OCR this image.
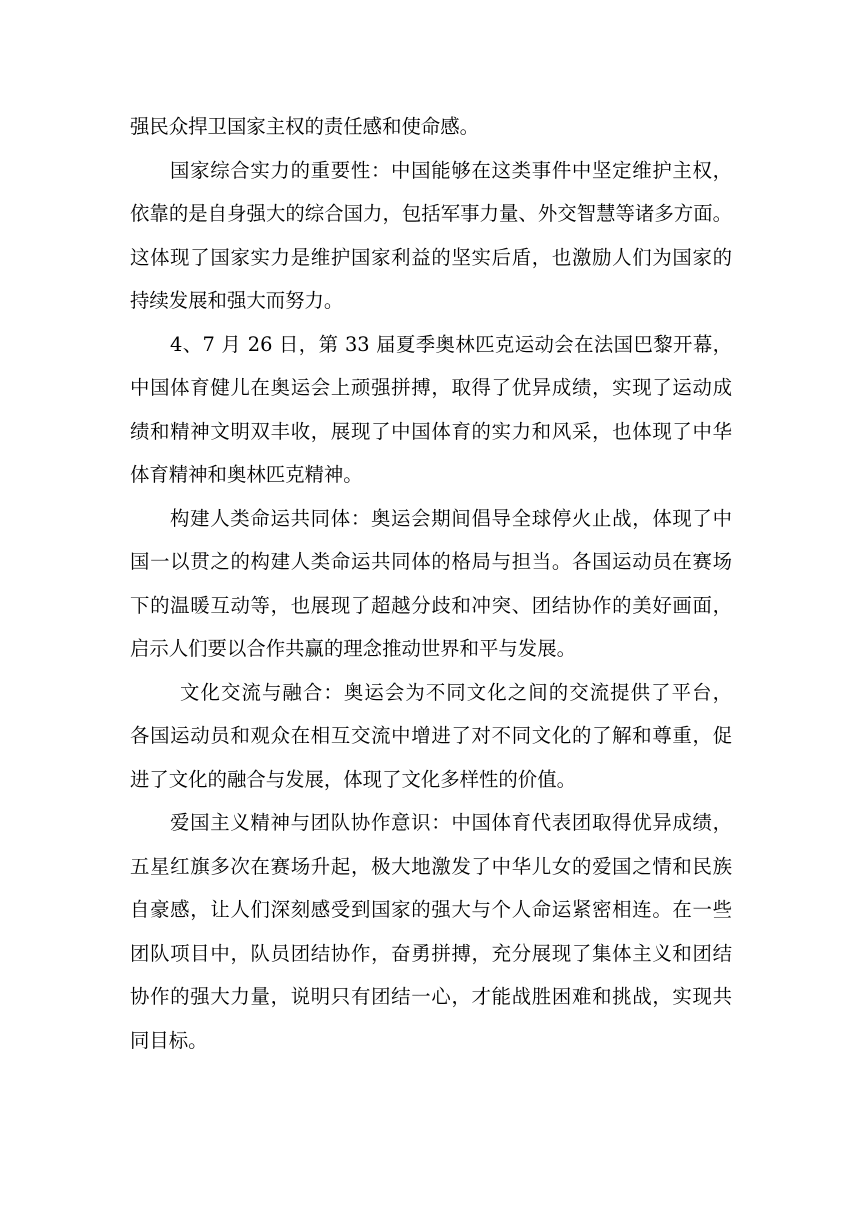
强民众捍卫国家主权的责任感和使命感。
国家综合实力的重要性：中国能够在这类事件中坚定维护主权，
依靠的是自身强大的综合国力，包括军事力量、外交智慧等诸多方面。
这体现了国家实力是维护国家利益的坚实后盾，也激励人们为国家的
持续发展和强大而努力。
4、7 月 26 日，第 33 届夏季奥林匹克运动会在法国巴黎开幕，
中国体育健儿在奥运会上顽强拼搏，取得了优异成绩，实现了运动成
绩和精神文明双丰收，展现了中国体育的实力和风采，也体现了中华
体育精神和奥林匹克精神。
构建人类命运共同体：奥运会期间倡导全球停火止战，体现了中
国一以贯之的构建人类命运共同体的格局与担当。各国运动员在赛场
下的温暖互动等，也展现了超越分歧和冲突、团结协作的美好画面，
启示人们要以合作共赢的理念推动世界和平与发展。
文化交流与融合：奥运会为不同文化之间的交流提供了平台，
各国运动员和观众在相互交流中增进了对不同文化的了解和尊重，促
进了文化的融合与发展，体现了文化多样性的价值。
爱国主义精神与团队协作意识：中国体育代表团取得优异成绩，
五星红旗多次在赛场升起，极大地激发了中华儿女的爱国之情和民族
自豪感，让人们深刻感受到国家的强大与个人命运紧密相连。在一些
团队项目中，队员团结协作，奋勇拼搏，充分展现了集体主义和团结
协作的强大力量，说明只有团结一心，才能战胜困难和挑战，实现共
同目标。
